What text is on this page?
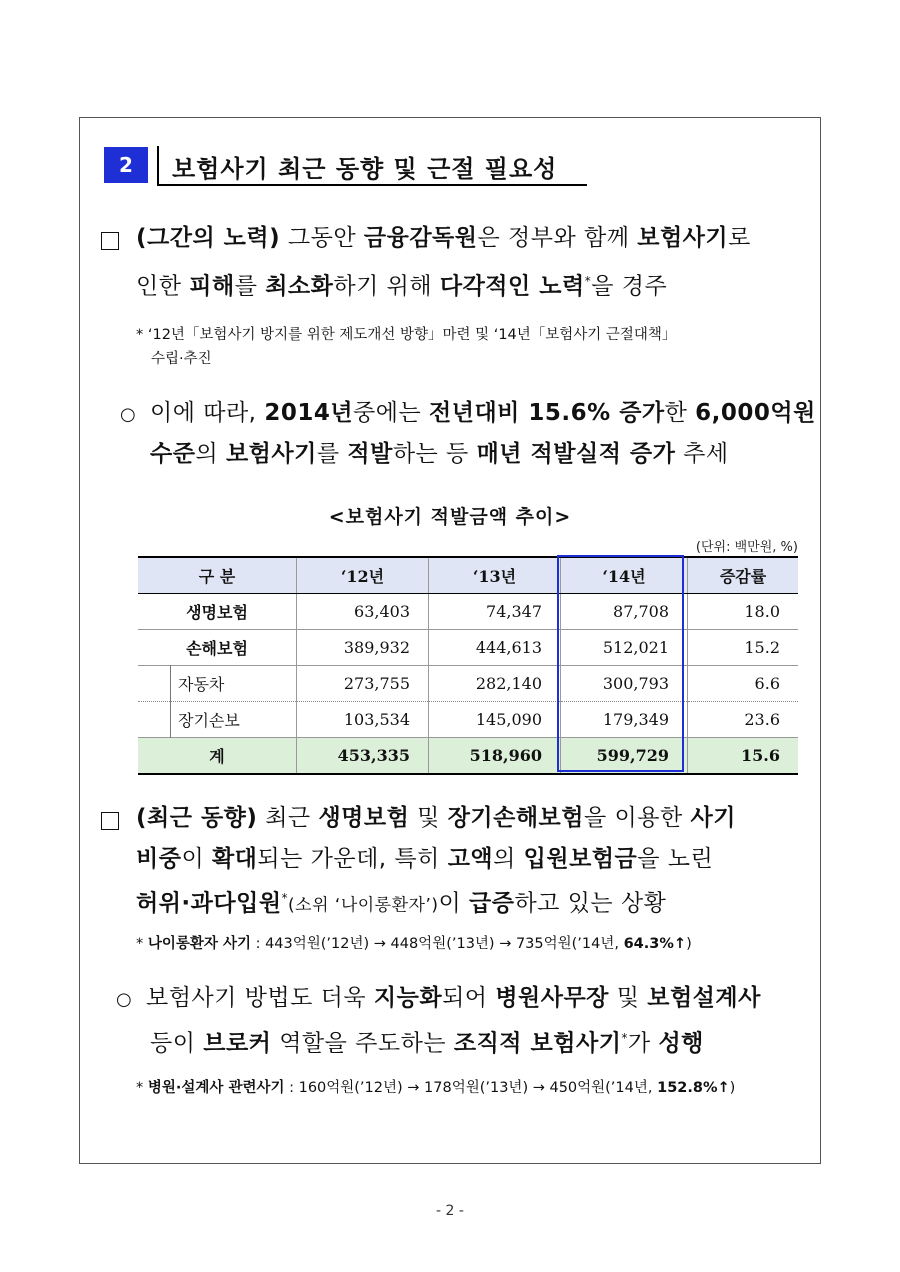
2	보험사기 최근 동향 및 근절 필요성
(그간의 노력) 그동안 금융감독원은 정부와 함께 보험사기로
인한 피해를 최소화하기 위해 다각적인 노력*을 경주
* ‘12년「보험사기 방지를 위한 제도개선 방향」마련 및 ‘14년「보험사기 근절대책」
수립·추진
○ 이에 따라, 2014년중에는 전년대비 15.6% 증가한 6,000억원
수준의 보험사기를 적발하는 등 매년 적발실적 증가 추세
<보험사기 적발금액 추이>
(단위: 백만원, %)
구 분	‘12년	‘13년	‘14년	증감률
생명보험	63,403	74,347	87,708	18.0
손해보험	389,932	444,613	512,021	15.2
자동차	273,755	282,140	300,793	6.6
장기손보	103,534	145,090	179,349	23.6
계	453,335	518,960	599,729	15.6
(최근 동향) 최근 생명보험 및 장기손해보험을 이용한 사기
비중이 확대되는 가운데, 특히 고액의 입원보험금을 노린
허위·과다입원*(소위 ‘나이롱환자’)이 급증하고 있는 상황
* 나이롱환자 사기 : 443억원(’12년) → 448억원(’13년) → 735억원(’14년, 64.3%↑)
○ 보험사기 방법도 더욱 지능화되어 병원사무장 및 보험설계사
등이 브로커 역할을 주도하는 조직적 보험사기*가 성행
* 병원·설계사 관련사기 : 160억원(’12년) → 178억원(’13년) → 450억원(’14년, 152.8%↑)
- 2 -
